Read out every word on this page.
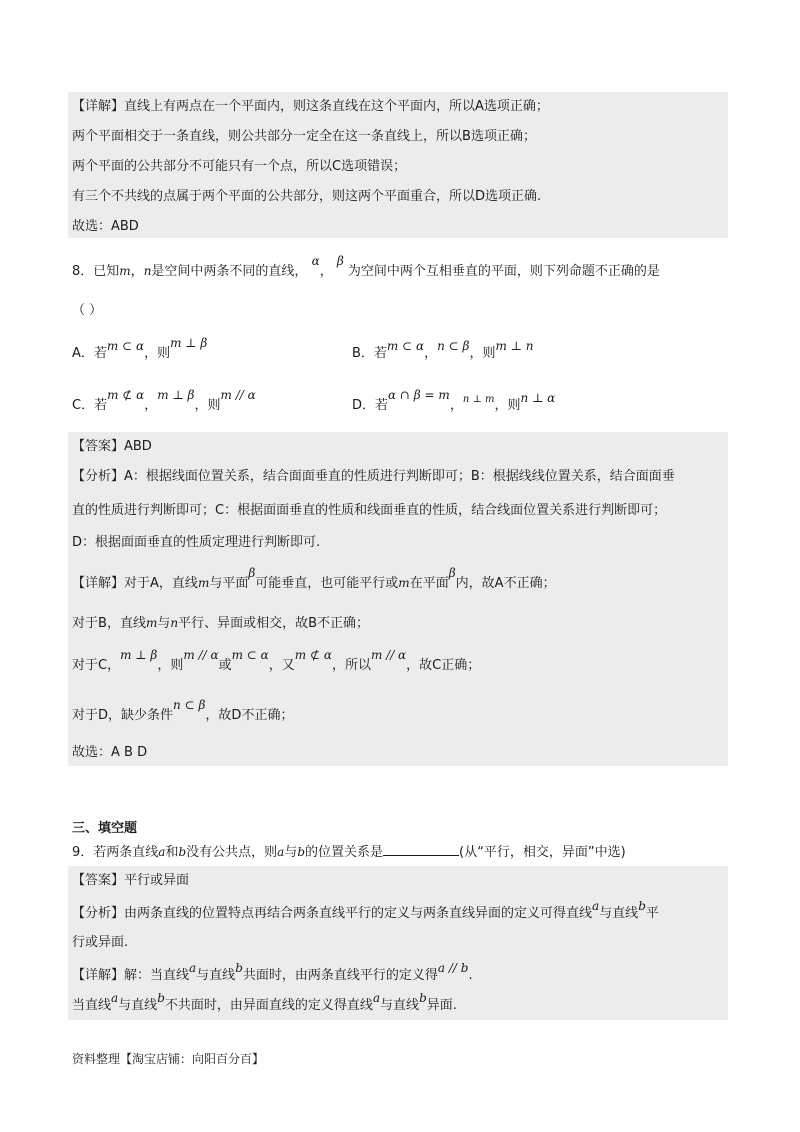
【详解】直线上有两点在一个平面内，则这条直线在这个平面内，所以A选项正确；
两个平面相交于一条直线，则公共部分一定全在这一条直线上，所以B选项正确；
两个平面的公共部分不可能只有一个点，所以C选项错误；
有三个不共线的点属于两个平面的公共部分，则这两个平面重合，所以D选项正确.
故选：ABD
8．已知m，n是空间中两条不同的直线， α， β 为空间中两个互相垂直的平面，则下列命题不正确的是
（ ）
A．若m ⊂ α，则m ⊥ β
B．若m ⊂ α，n ⊂ β，则m ⊥ n
C．若m ⊄ α，m ⊥ β，则m // α
D．若α ∩ β = m，$^{n \perp m}$，则n ⊥ α
【答案】ABD
【分析】A：根据线面位置关系，结合面面垂直的性质进行判断即可；B：根据线线位置关系，结合面面垂
直的性质进行判断即可；C：根据面面垂直的性质和线面垂直的性质，结合线面位置关系进行判断即可；
D：根据面面垂直的性质定理进行判断即可.
【详解】对于A，直线m与平面β可能垂直，也可能平行或m在平面β内，故A不正确；
对于B，直线m与n平行、异面或相交，故B不正确；
对于C，m ⊥ β，则m // α或m ⊂ α，又m ⊄ α，所以m // α，故C正确；
对于D，缺少条件n ⊂ β，故D不正确；
故选：A B D
三、填空题
9．若两条直线a和b没有公共点，则a与b的位置关系是	(从“平行，相交，异面”中选)
【答案】平行或异面
【分析】由两条直线的位置特点再结合两条直线平行的定义与两条直线异面的定义可得直线a与直线b平
行或异面.
【详解】解：当直线a与直线b共面时，由两条直线平行的定义得a // b.
当直线a与直线b不共面时，由异面直线的定义得直线a与直线b异面.
资料整理【淘宝店铺：向阳百分百】
